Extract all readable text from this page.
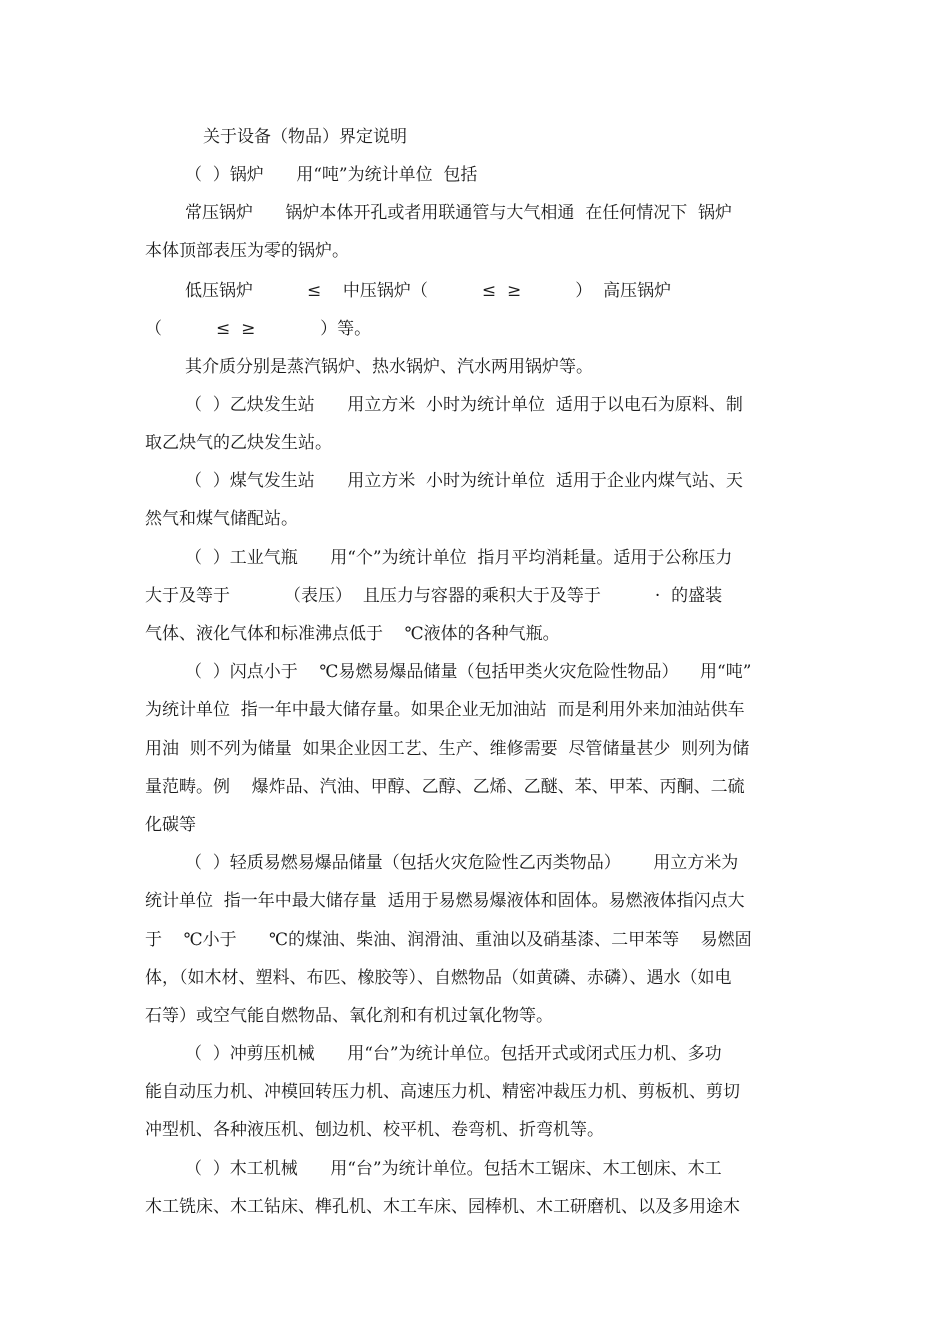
关于设备（物品）界定说明
（  ）锅炉      用“吨”为统计单位  包括
常压锅炉      锅炉本体开孔或者用联通管与大气相通  在任何情况下  锅炉
本体顶部表压为零的锅炉。
低压锅炉          ≤    中压锅炉（          ≤  ≥          ）  高压锅炉
（          ≤  ≥            ）等。
其介质分别是蒸汽锅炉、热水锅炉、汽水两用锅炉等。
（  ）乙炔发生站      用立方米  小时为统计单位  适用于以电石为原料、制
取乙炔气的乙炔发生站。
（  ）煤气发生站      用立方米  小时为统计单位  适用于企业内煤气站、天
然气和煤气储配站。
（  ）工业气瓶      用“个”为统计单位  指月平均消耗量。适用于公称压力
大于及等于          （表压）  且压力与容器的乘积大于及等于          ·  的盛装
气体、液化气体和标准沸点低于    ℃液体的各种气瓶。
（  ）闪点小于    ℃易燃易爆品储量（包括甲类火灾危险性物品）    用“吨”
为统计单位  指一年中最大储存量。如果企业无加油站  而是利用外来加油站供车
用油  则不列为储量  如果企业因工艺、生产、维修需要  尽管储量甚少  则列为储
量范畴。例    爆炸品、汽油、甲醇、乙醇、乙烯、乙醚、苯、甲苯、丙酮、二硫
化碳等
（  ）轻质易燃易爆品储量（包括火灾危险性乙丙类物品）      用立方米为
统计单位  指一年中最大储存量  适用于易燃易爆液体和固体。易燃液体指闪点大
于    ℃小于      ℃的煤油、柴油、润滑油、重油以及硝基漆、二甲苯等    易燃固
体，（如木材、塑料、布匹、橡胶等）、自燃物品（如黄磷、赤磷）、遇水（如电
石等）或空气能自燃物品、氧化剂和有机过氧化物等。
（  ）冲剪压机械      用“台”为统计单位。包括开式或闭式压力机、多功
能自动压力机、冲模回转压力机、高速压力机、精密冲裁压力机、剪板机、剪切
冲型机、各种液压机、刨边机、校平机、卷弯机、折弯机等。
（  ）木工机械      用“台”为统计单位。包括木工锯床、木工刨床、木工
木工铣床、木工钻床、榫孔机、木工车床、园棒机、木工研磨机、以及多用途木
